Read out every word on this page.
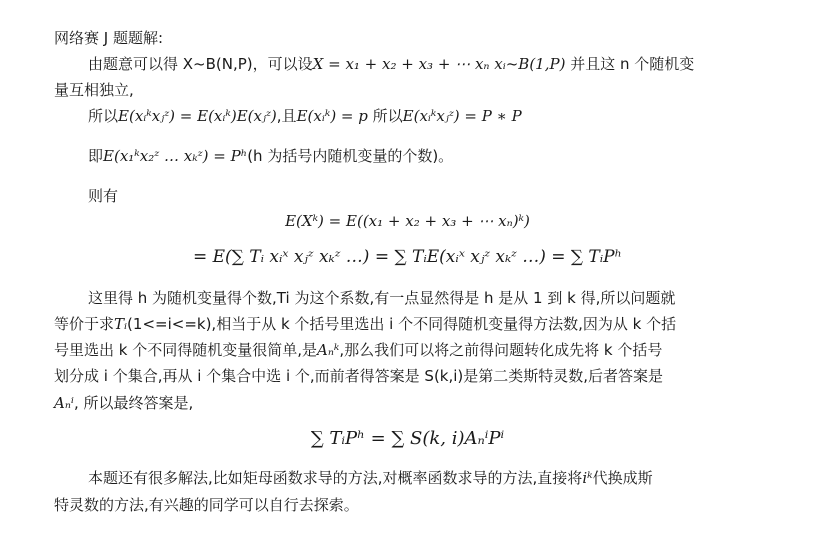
网络赛 J 题题解:
由题意可以得 X~B(N,P)，可以设X = x₁ + x₂ + x₃ + ⋯ xₙ xᵢ~B(1,P) 并且这 n 个随机变
量互相独立,
所以E(xᵢᵏxⱼᶻ) = E(xᵢᵏ)E(xⱼᶻ),且E(xᵢᵏ) = p 所以E(xᵢᵏxⱼᶻ) = P ∗ P
即E(x₁ᵏx₂ᶻ … xₖᶻ) = Pʰ(h 为括号内随机变量的个数)。
则有
E(Xᵏ) = E((x₁ + x₂ + x₃ + ⋯ xₙ)ᵏ)
= E(∑ Tᵢ xᵢˣ xⱼᶻ xₖᶻ …) = ∑ TᵢE(xᵢˣ xⱼᶻ xₖᶻ …) = ∑ TᵢPʰ
这里得 h 为随机变量得个数,Ti 为这个系数,有一点显然得是 h 是从 1 到 k 得,所以问题就
等价于求Tᵢ(1<=i<=k),相当于从 k 个括号里选出 i 个不同得随机变量得方法数,因为从 k 个括
号里选出 k 个不同得随机变量很简单,是Aₙᵏ,那么我们可以将之前得问题转化成先将 k 个括号
划分成 i 个集合,再从 i 个集合中选 i 个,而前者得答案是 S(k,i)是第二类斯特灵数,后者答案是
Aₙⁱ, 所以最终答案是,
∑ TᵢPʰ = ∑ S(k, i)AₙⁱPⁱ
本题还有很多解法,比如矩母函数求导的方法,对概率函数求导的方法,直接将iᵏ代换成斯
特灵数的方法,有兴趣的同学可以自行去探索。
